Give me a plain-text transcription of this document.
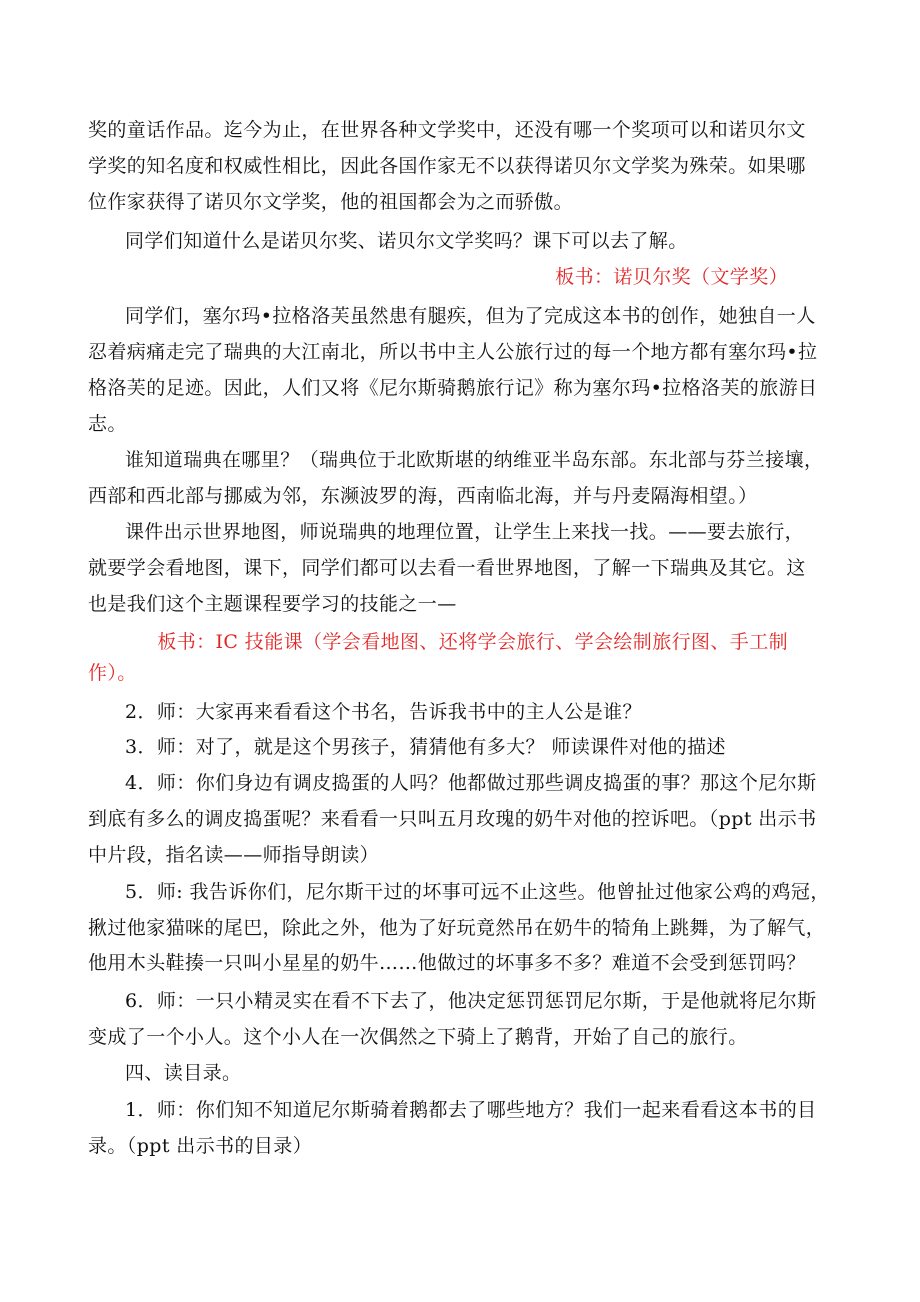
奖的童话作品。迄今为止，在世界各种文学奖中，还没有哪一个奖项可以和诺贝尔文
学奖的知名度和权威性相比，因此各国作家无不以获得诺贝尔文学奖为殊荣。如果哪
位作家获得了诺贝尔文学奖，他的祖国都会为之而骄傲。
同学们知道什么是诺贝尔奖、诺贝尔文学奖吗？课下可以去了解。
板书：诺贝尔奖（文学奖）
同学们，塞尔玛•拉格洛芙虽然患有腿疾，但为了完成这本书的创作，她独自一人
忍着病痛走完了瑞典的大江南北，所以书中主人公旅行过的每一个地方都有塞尔玛•拉
格洛芙的足迹。因此，人们又将《尼尔斯骑鹅旅行记》称为塞尔玛•拉格洛芙的旅游日
志。
谁知道瑞典在哪里？（瑞典位于北欧斯堪的纳维亚半岛东部。东北部与芬兰接壤，
西部和西北部与挪威为邻，东濒波罗的海，西南临北海，并与丹麦隔海相望。）
课件出示世界地图，师说瑞典的地理位置，让学生上来找一找。——要去旅行，
就要学会看地图，课下，同学们都可以去看一看世界地图，了解一下瑞典及其它。这
也是我们这个主题课程要学习的技能之一—
板书：IC 技能课（学会看地图、还将学会旅行、学会绘制旅行图、手工制
作）。
2．师：大家再来看看这个书名，告诉我书中的主人公是谁？
3．师：对了，就是这个男孩子，猜猜他有多大？ 师读课件对他的描述
4．师：你们身边有调皮捣蛋的人吗？他都做过那些调皮捣蛋的事？那这个尼尔斯
到底有多么的调皮捣蛋呢？来看看一只叫五月玫瑰的奶牛对他的控诉吧。（ppt 出示书
中片段，指名读——师指导朗读）
5．师: 我告诉你们，尼尔斯干过的坏事可远不止这些。他曾扯过他家公鸡的鸡冠，
揪过他家猫咪的尾巴，除此之外，他为了好玩竟然吊在奶牛的犄角上跳舞，为了解气，
他用木头鞋揍一只叫小星星的奶牛……他做过的坏事多不多？难道不会受到惩罚吗？
6．师：一只小精灵实在看不下去了，他决定惩罚惩罚尼尔斯，于是他就将尼尔斯
变成了一个小人。这个小人在一次偶然之下骑上了鹅背，开始了自己的旅行。
四、读目录。
1．师：你们知不知道尼尔斯骑着鹅都去了哪些地方？我们一起来看看这本书的目
录。（ppt 出示书的目录）
